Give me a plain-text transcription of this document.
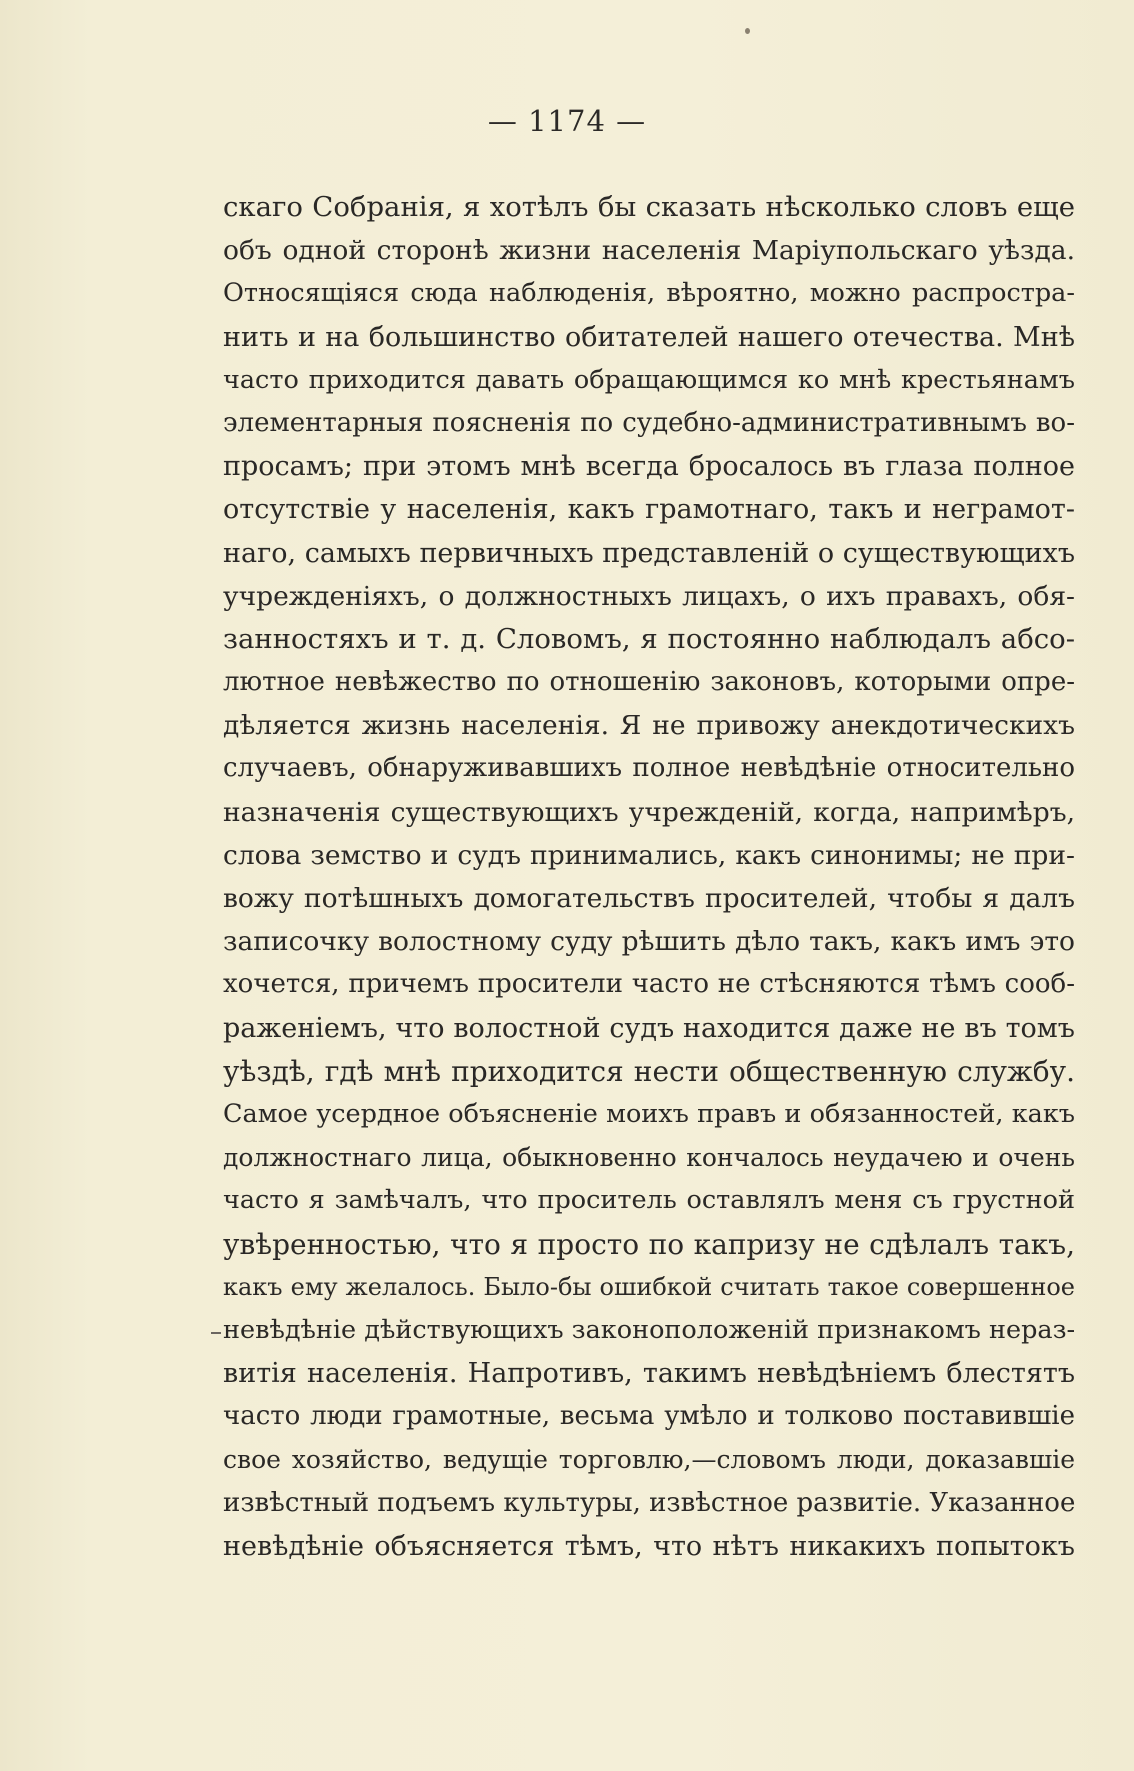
— 1174 —
скаго Собранія, я хотѣлъ бы сказать нѣсколько словъ еще
объ одной сторонѣ жизни населенія Маріупольскаго уѣзда.
Относящіяся сюда наблюденія, вѣроятно, можно распростра-
нить и на большинство обитателей нашего отечества. Мнѣ
часто приходится давать обращающимся ко мнѣ крестьянамъ
элементарныя поясненія по судебно-административнымъ во-
просамъ; при этомъ мнѣ всегда бросалось въ глаза полное
отсутствіе у населенія, какъ грамотнаго, такъ и неграмот-
наго, самыхъ первичныхъ представленій о существующихъ
учрежденіяхъ, о должностныхъ лицахъ, о ихъ правахъ, обя-
занностяхъ и т. д. Словомъ, я постоянно наблюдалъ абсо-
лютное невѣжество по отношенію законовъ, которыми опре-
дѣляется жизнь населенія. Я не привожу анекдотическихъ
случаевъ, обнаруживавшихъ полное невѣдѣніе относительно
назначенія существующихъ учрежденій, когда, напримѣръ,
слова земство и судъ принимались, какъ синонимы; не при-
вожу потѣшныхъ домогательствъ просителей, чтобы я далъ
записочку волостному суду рѣшить дѣло такъ, какъ имъ это
хочется, причемъ просители часто не стѣсняются тѣмъ сооб-
раженіемъ, что волостной судъ находится даже не въ томъ
уѣздѣ, гдѣ мнѣ приходится нести общественную службу.
Самое усердное объясненіе моихъ правъ и обязанностей, какъ
должностнаго лица, обыкновенно кончалось неудачею и очень
часто я замѣчалъ, что проситель оставлялъ меня съ грустной
увѣренностью, что я просто по капризу не сдѣлалъ такъ,
какъ ему желалось. Было-бы ошибкой считать такое совершенное
невѣдѣніе дѣйствующихъ законоположеній признакомъ нераз-
витія населенія. Напротивъ, такимъ невѣдѣніемъ блестятъ
часто люди грамотные, весьма умѣло и толково поставившіе
свое хозяйство, ведущіе торговлю,—словомъ люди, доказавшіе
извѣстный подъемъ культуры, извѣстное развитіе. Указанное
невѣдѣніе объясняется тѣмъ, что нѣтъ никакихъ попытокъ
